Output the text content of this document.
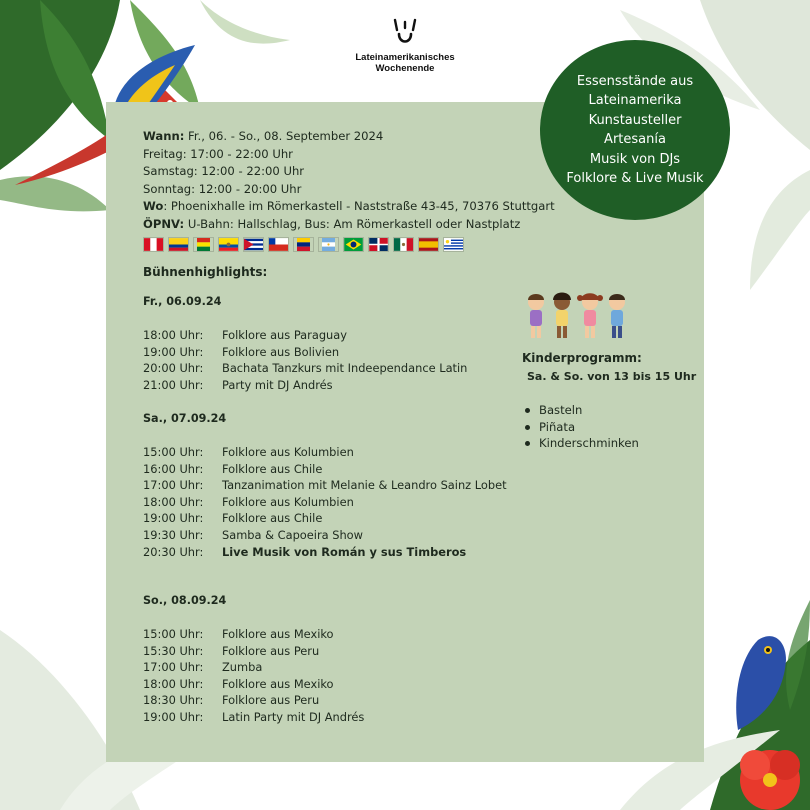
Lateinamerikanisches
Wochenende
Essensstände aus
Lateinamerika
Kunstausteller
Artesanía
Musik von DJs
Folklore & Live Musik
Wann: Fr., 06. - So., 08. September 2024
Freitag: 17:00 - 22:00 Uhr
Samstag: 12:00 - 22:00 Uhr
Sonntag: 12:00 - 20:00 Uhr
Wo: Phoenixhalle im Römerkastell - Naststraße 43-45, 70376 Stuttgart
ÖPNV: U-Bahn: Hallschlag, Bus: Am Römerkastell oder Nastplatz
Bühnenhighlights:
Fr., 06.09.24
18:00 Uhr:	Folklore aus Paraguay
19:00 Uhr:	Folklore aus Bolivien
20:00 Uhr:	Bachata Tanzkurs mit Indeependance Latin
21:00 Uhr:	Party mit DJ Andrés
Sa., 07.09.24
15:00 Uhr:	Folklore aus Kolumbien
16:00 Uhr:	Folklore aus Chile
17:00 Uhr:	Tanzanimation mit Melanie & Leandro Sainz Lobet
18:00 Uhr:	Folklore aus Kolumbien
19:00 Uhr:	Folklore aus Chile
19:30 Uhr:	Samba & Capoeira Show
20:30 Uhr:	Live Musik von Román y sus Timberos
So., 08.09.24
15:00 Uhr:	Folklore aus Mexiko
15:30 Uhr:	Folklore aus Peru
17:00 Uhr:	Zumba
18:00 Uhr:	Folklore aus Mexiko
18:30 Uhr:	Folklore aus Peru
19:00 Uhr:	Latin Party mit DJ Andrés
Kinderprogramm:
Sa. & So. von 13 bis 15 Uhr
Basteln
Piñata
Kinderschminken
